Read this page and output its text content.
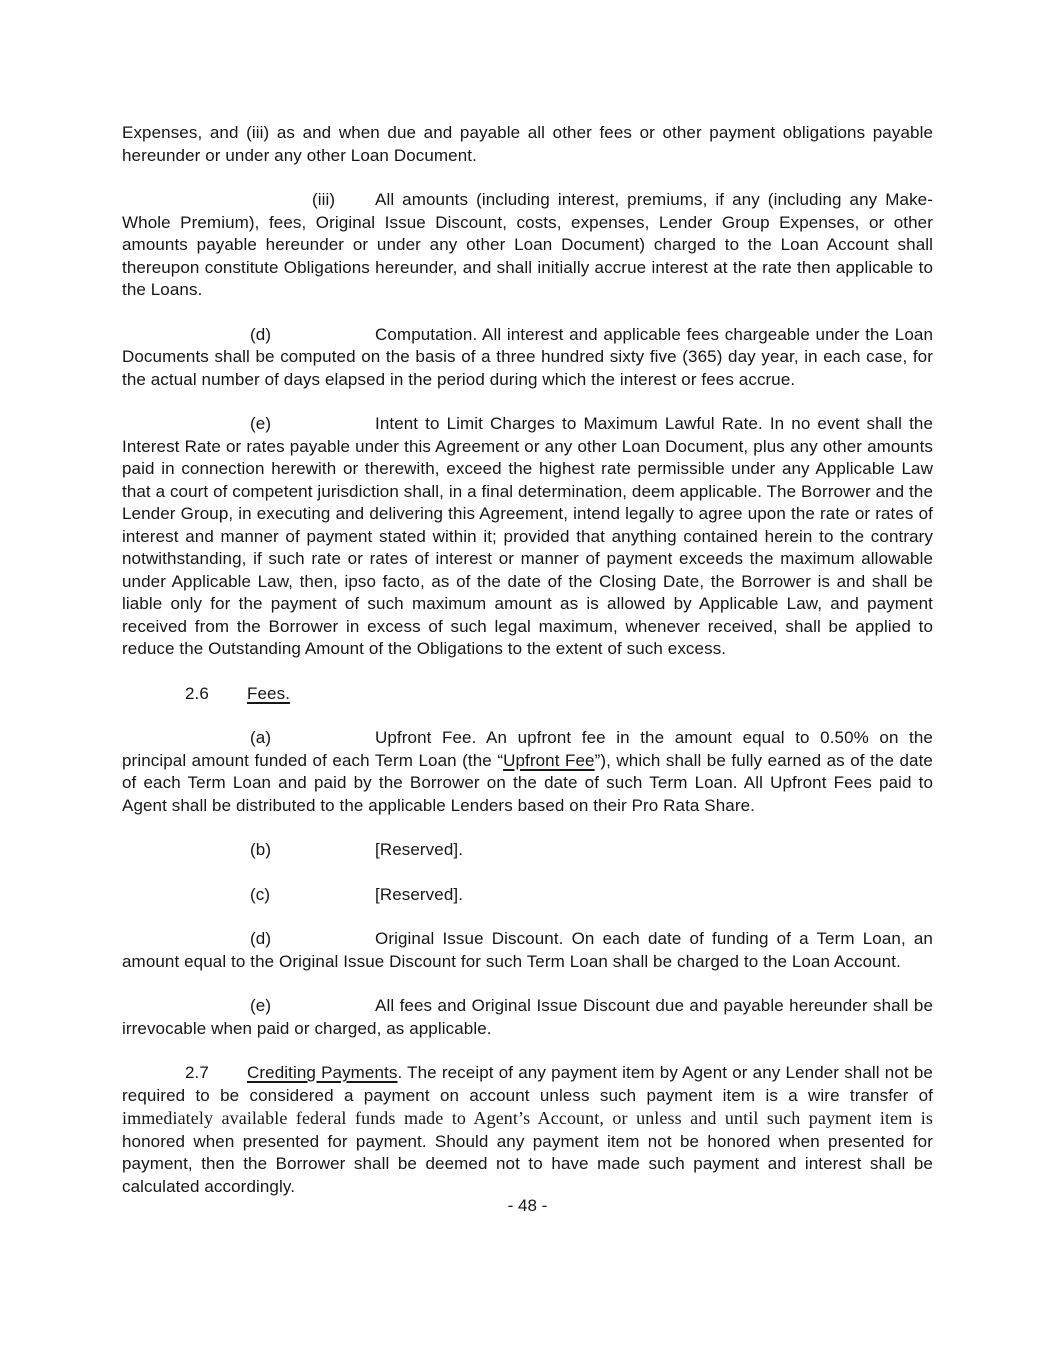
Expenses, and (iii) as and when due and payable all other fees or other payment obligations payable hereunder or under any other Loan Document.

(iii) All amounts (including interest, premiums, if any (including any Make-Whole Premium), fees, Original Issue Discount, costs, expenses, Lender Group Expenses, or other amounts payable hereunder or under any other Loan Document) charged to the Loan Account shall thereupon constitute Obligations hereunder, and shall initially accrue interest at the rate then applicable to the Loans.

(d)	Computation. All interest and applicable fees chargeable under the Loan Documents shall be computed on the basis of a three hundred sixty five (365) day year, in each case, for the actual number of days elapsed in the period during which the interest or fees accrue.

(e)	Intent to Limit Charges to Maximum Lawful Rate. In no event shall the Interest Rate or rates payable under this Agreement or any other Loan Document, plus any other amounts paid in connection herewith or therewith, exceed the highest rate permissible under any Applicable Law that a court of competent jurisdiction shall, in a final determination, deem applicable. The Borrower and the Lender Group, in executing and delivering this Agreement, intend legally to agree upon the rate or rates of interest and manner of payment stated within it; provided that anything contained herein to the contrary notwithstanding, if such rate or rates of interest or manner of payment exceeds the maximum allowable under Applicable Law, then, ipso facto, as of the date of the Closing Date, the Borrower is and shall be liable only for the payment of such maximum amount as is allowed by Applicable Law, and payment received from the Borrower in excess of such legal maximum, whenever received, shall be applied to reduce the Outstanding Amount of the Obligations to the extent of such excess.

2.6 Fees.

(a)	Upfront Fee. An upfront fee in the amount equal to 0.50% on the principal amount funded of each Term Loan (the “Upfront Fee”), which shall be fully earned as of the date of each Term Loan and paid by the Borrower on the date of such Term Loan. All Upfront Fees paid to Agent shall be distributed to the applicable Lenders based on their Pro Rata Share.

(b)	[Reserved].

(c)	[Reserved].

(d)	Original Issue Discount. On each date of funding of a Term Loan, an amount equal to the Original Issue Discount for such Term Loan shall be charged to the Loan Account.

(e)	All fees and Original Issue Discount due and payable hereunder shall be irrevocable when paid or charged, as applicable.

2.7 Crediting Payments. The receipt of any payment item by Agent or any Lender shall not be required to be considered a payment on account unless such payment item is a wire transfer of immediately available federal funds made to Agent’s Account, or unless and until such payment item is honored when presented for payment. Should any payment item not be honored when presented for payment, then the Borrower shall be deemed not to have made such payment and interest shall be calculated accordingly.

- 48 -
